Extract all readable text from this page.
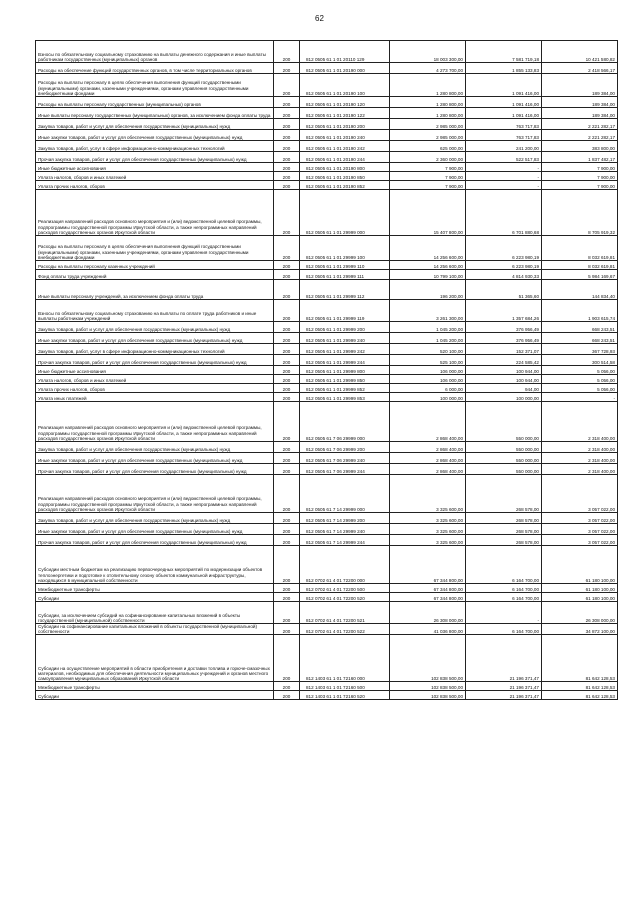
62
Взносы по обязательному социальному страхованию на выплаты денежного содержания и иные выплаты работникам государственных (муниципальных) органов	200	812 0505 61 1 01 20110 129	18 003 300,00	7 581 719,18	10 421 580,82
Расходы на обеспечение функций государственных органов, в том числе территориальных органов	200	812 0505 61 1 01 20190 000	4 273 700,00	1 855 133,83	2 418 566,17
Расходы на выплаты персоналу в целях обеспечения выполнения функций государственными (муниципальными) органами, казенными учреждениями, органами управления государственными внебюджетными фондами	200	812 0505 61 1 01 20190 100	1 280 800,00	1 091 416,00	189 384,00
Расходы на выплаты персоналу государственных (муниципальных) органов	200	812 0505 61 1 01 20190 120	1 280 800,00	1 091 416,00	189 384,00
Иные выплаты персоналу государственных (муниципальных) органов, за исключением фонда оплаты труда	200	812 0505 61 1 01 20190 122	1 280 800,00	1 091 416,00	189 384,00
Закупка товаров, работ и услуг для обеспечения государственных (муниципальных) нужд	200	812 0505 61 1 01 20190 200	2 985 000,00	763 717,83	2 221 282,17
Иные закупки товаров, работ и услуг для обеспечения государственных (муниципальных) нужд	200	812 0505 61 1 01 20190 240	2 985 000,00	763 717,83	2 221 282,17
Закупка товаров, работ, услуг в сфере информационно-коммуникационных технологий	200	812 0505 61 1 01 20190 242	625 000,00	241 200,00	383 800,00
Прочая закупка товаров, работ и услуг для обеспечения государственных (муниципальных) нужд	200	812 0505 61 1 01 20190 244	2 360 000,00	522 517,83	1 837 482,17
Иные бюджетные ассигнования	200	812 0505 61 1 01 20190 800	7 900,00	-	7 900,00
Уплата налогов, сборов и иных платежей	200	812 0505 61 1 01 20190 850	7 900,00	-	7 900,00
Уплата прочих налогов, сборов	200	812 0505 61 1 01 20190 852	7 900,00	-	7 900,00
Реализация направлений расходов основного мероприятия и (или) ведомственной целевой программы, подпрограммы государственной программы Иркутской области, а также непрограммных направлений расходов государственных органов Иркутской области	200	812 0505 61 1 01 29999 000	15 407 800,00	6 701 880,68	8 705 919,32
Расходы на выплаты персоналу в целях обеспечения выполнения функций государственными (муниципальными) органами, казенными учреждениями, органами управления государственными внебюджетными фондами	200	812 0505 61 1 01 29999 100	14 256 600,00	6 223 980,19	8 032 619,81
Расходы на выплаты персоналу казенных учреждений	200	812 0505 61 1 01 29999 110	14 256 600,00	6 223 980,19	8 032 619,81
Фонд оплаты труда учреждений	200	812 0505 61 1 01 29999 111	10 799 100,00	4 814 930,33	5 984 169,67
Иные выплаты персоналу учреждений, за исключением фонда оплаты труда	200	812 0505 61 1 01 29999 112	196 200,00	51 365,60	144 834,40
Взносы по обязательному социальному страхованию на выплаты по оплате труда работников и иные выплаты работникам учреждений	200	812 0505 61 1 01 29999 119	3 261 300,00	1 357 684,26	1 903 615,74
Закупка товаров, работ и услуг для обеспечения государственных (муниципальных) нужд	200	812 0505 61 1 01 29999 200	1 045 200,00	376 956,49	668 243,51
Иные закупки товаров, работ и услуг для обеспечения государственных (муниципальных) нужд	200	812 0505 61 1 01 29999 240	1 045 200,00	376 956,49	668 243,51
Закупка товаров, работ, услуг в сфере информационно-коммуникационных технологий	200	812 0505 61 1 01 29999 242	520 100,00	152 371,07	367 728,93
Прочая закупка товаров, работ и услуг для обеспечения государственных (муниципальных) нужд	200	812 0505 61 1 01 29999 244	525 100,00	224 585,42	300 514,58
Иные бюджетные ассигнования	200	812 0505 61 1 01 29999 800	106 000,00	100 944,00	5 056,00
Уплата налогов, сборов и иных платежей	200	812 0505 61 1 01 29999 850	106 000,00	100 944,00	5 056,00
Уплата прочих налогов, сборов	200	812 0505 61 1 01 29999 852	6 000,00	944,00	5 056,00
Уплата иных платежей	200	812 0505 61 1 01 29999 853	100 000,00	100 000,00	-
Реализация направлений расходов основного мероприятия и (или) ведомственной целевой программы, подпрограммы государственной программы Иркутской области, а также непрограммных направлений расходов государственных органов Иркутской области	200	812 0505 61 7 06 29999 000	2 868 400,00	550 000,00	2 318 400,00
Закупка товаров, работ и услуг для обеспечения государственных (муниципальных) нужд	200	812 0505 61 7 06 29999 200	2 868 400,00	550 000,00	2 318 400,00
Иные закупки товаров, работ и услуг для обеспечения государственных (муниципальных) нужд	200	812 0505 61 7 06 29999 240	2 868 400,00	550 000,00	2 318 400,00
Прочая закупка товаров, работ и услуг для обеспечения государственных (муниципальных) нужд	200	812 0505 61 7 06 29999 244	2 868 400,00	550 000,00	2 318 400,00
Реализация направлений расходов основного мероприятия и (или) ведомственной целевой программы, подпрограммы государственной программы Иркутской области, а также непрограммных направлений расходов государственных органов Иркутской области	200	812 0505 61 7 14 29999 000	3 325 600,00	268 578,00	3 057 022,00
Закупка товаров, работ и услуг для обеспечения государственных (муниципальных) нужд	200	812 0505 61 7 14 29999 200	3 325 600,00	268 578,00	3 057 022,00
Иные закупки товаров, работ и услуг для обеспечения государственных (муниципальных) нужд	200	812 0505 61 7 14 29999 240	3 325 600,00	268 578,00	3 057 022,00
Прочая закупка товаров, работ и услуг для обеспечения государственных (муниципальных) нужд	200	812 0505 61 7 14 29999 244	3 325 600,00	268 578,00	3 057 022,00
Субсидии местным бюджетам на реализацию первоочередных мероприятий по модернизации объектов теплоэнергетики и подготовке к отопительному сезону объектов коммунальной инфраструктуры, находящихся в муниципальной собственности	200	812 0702 61 4 01 72200 000	67 344 800,00	6 164 700,00	61 180 100,00
Межбюджетные трансферты	200	812 0702 61 4 01 72200 500	67 344 800,00	6 164 700,00	61 180 100,00
Субсидии	200	812 0702 61 4 01 72200 520	67 344 800,00	6 164 700,00	61 180 100,00
Субсидии, за исключением субсидий на софинансирование капитальных вложений в объекты государственной (муниципальной) собственности	200	812 0702 61 4 01 72200 521	26 308 000,00	-	26 308 000,00
Субсидии на софинансирование капитальных вложений в объекты государственной (муниципальной) собственности	200	812 0702 61 4 01 72200 522	41 036 800,00	6 164 700,00	34 872 100,00
Субсидии на осуществление мероприятий в области приобретения и доставки топлива и горюче-смазочных материалов, необходимых для обеспечения деятельности муниципальных учреждений и органов местного самоуправления муниципальных образований Иркутской области	200	812 1403 61 1 01 72160 000	102 838 500,00	21 196 371,47	81 642 128,53
Межбюджетные трансферты	200	812 1403 61 1 01 72160 500	102 838 500,00	21 196 371,47	81 642 128,53
Субсидии	200	812 1403 61 1 01 72160 520	102 838 500,00	21 196 371,47	81 642 128,53
